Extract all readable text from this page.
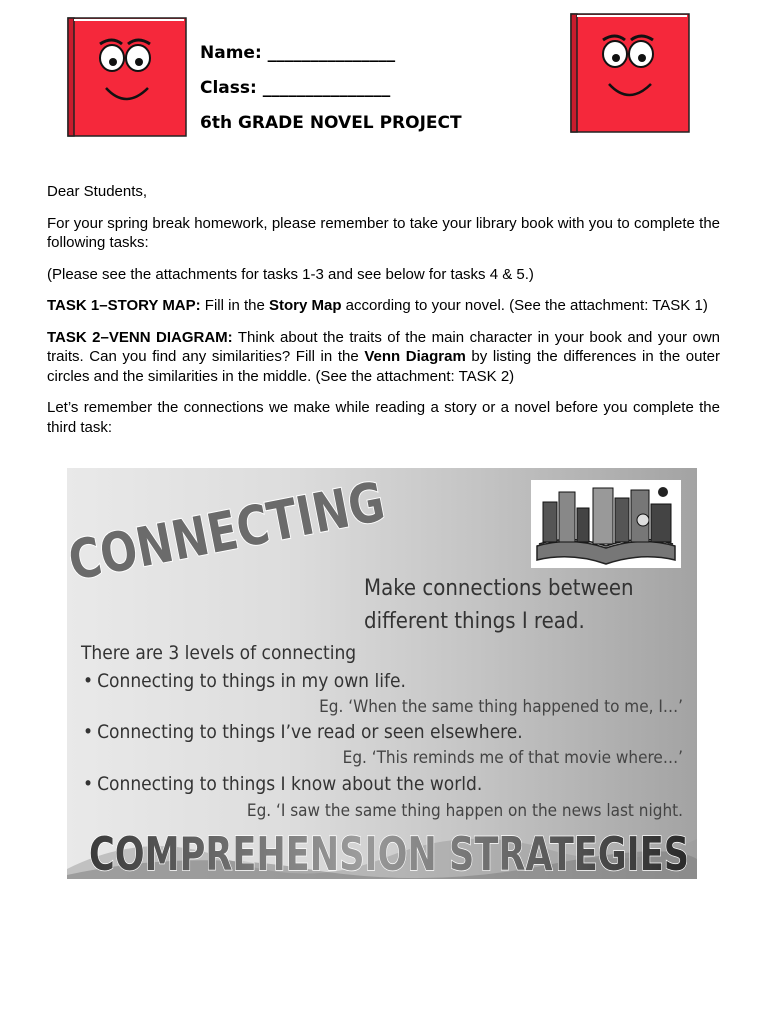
Name: _______________
Class: _______________
6th GRADE NOVEL PROJECT

Dear Students,

For your spring break homework, please remember to take your library book with you to complete the following tasks:

(Please see the attachments for tasks 1-3 and see below for tasks 4 & 5.)

TASK 1–STORY MAP: Fill in the Story Map according to your novel. (See the attachment: TASK 1)

TASK 2–VENN DIAGRAM: Think about the traits of the main character in your book and your own traits. Can you find any similarities? Fill in the Venn Diagram by listing the differences in the outer circles and the similarities in the middle. (See the attachment: TASK 2)

Let’s remember the connections we make while reading a story or a novel before you complete the third task:

CONNECTING
Make connections between
different things I read.
There are 3 levels of connecting
• Connecting to things in my own life.
Eg. ‘When the same thing happened to me, I…’
• Connecting to things I’ve read or seen elsewhere.
Eg. ‘This reminds me of that movie where…’
• Connecting to things I know about the world.
Eg. ‘I saw the same thing happen on the news last night.
COMPREHENSION STRATEGIES
